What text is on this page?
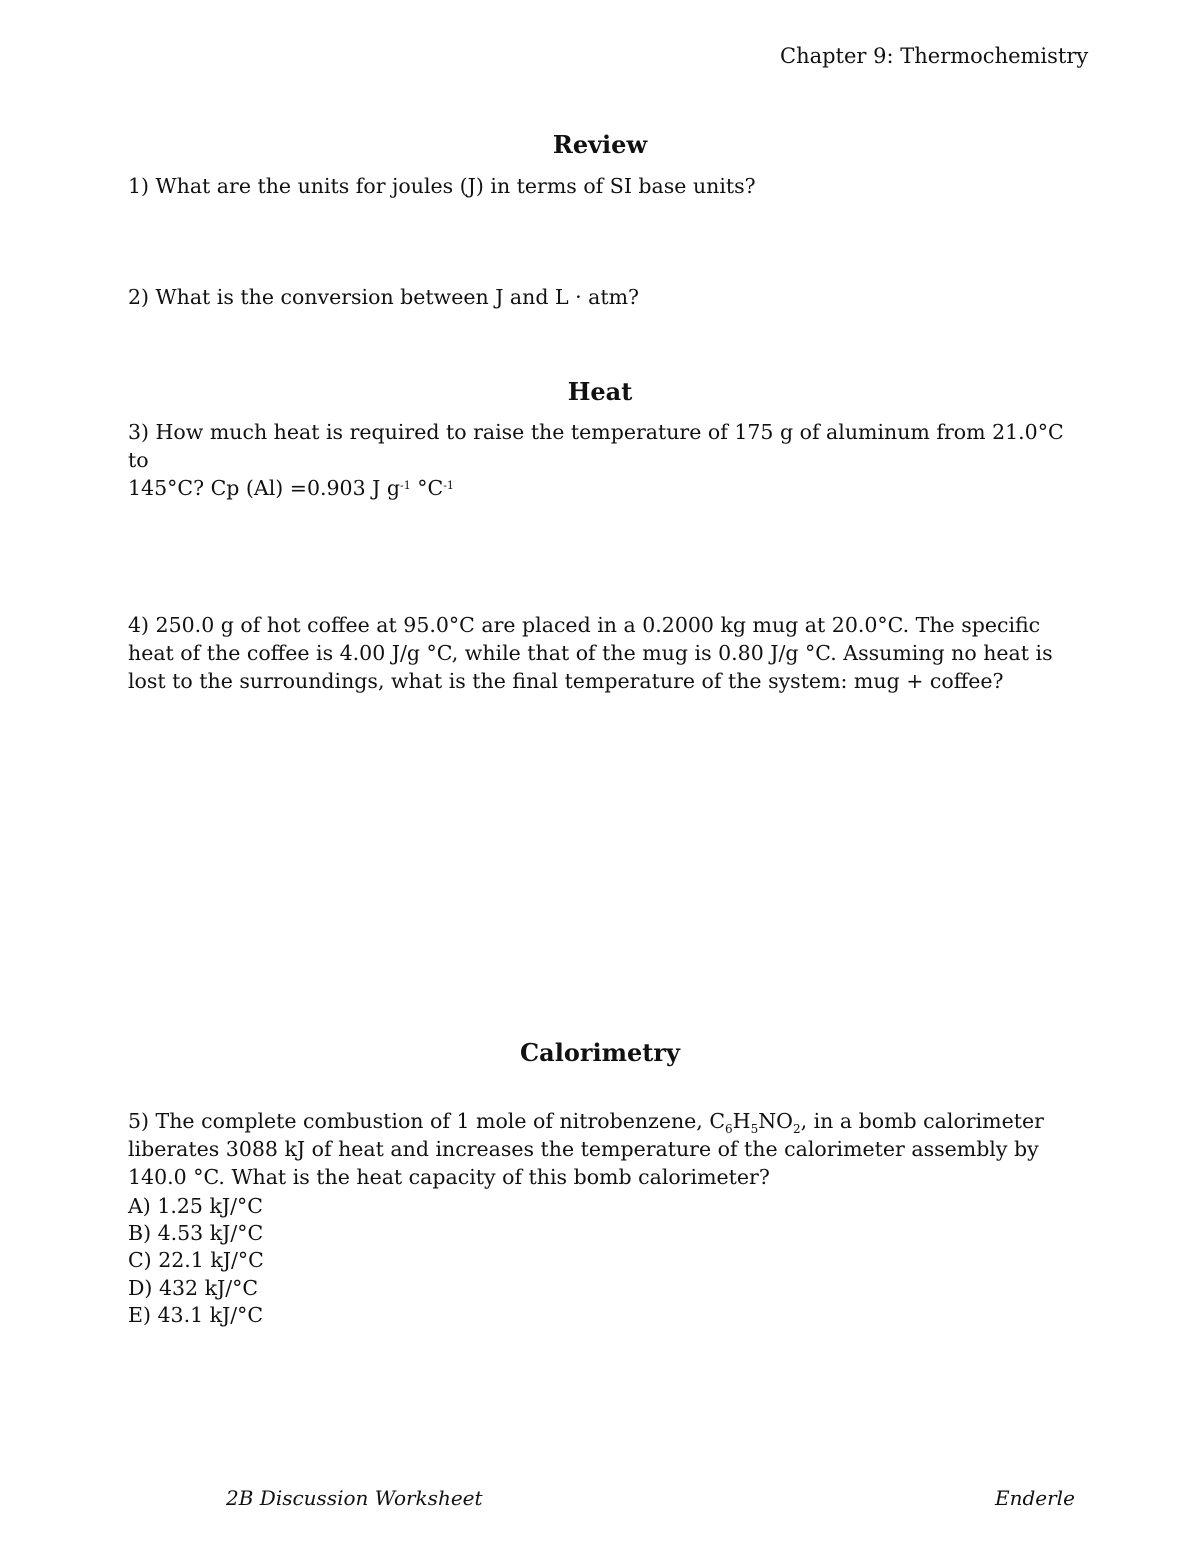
Chapter 9: Thermochemistry
Review
1) What are the units for joules (J) in terms of SI base units?
2) What is the conversion between J and L · atm?
Heat
3) How much heat is required to raise the temperature of 175 g of aluminum from 21.0°C to
145°C? Cp (Al) =0.903 J $g^{-1}$ $^\circ C^{-1}$
4) 250.0 g of hot coffee at 95.0°C are placed in a 0.2000 kg mug at 20.0°C. The specific heat of the coffee is 4.00 J/g °C, while that of the mug is 0.80 J/g °C. Assuming no heat is lost to the surroundings, what is the final temperature of the system: mug + coffee?
Calorimetry
5) The complete combustion of 1 mole of nitrobenzene, $C_6H_5NO_2$, in a bomb calorimeter liberates 3088 kJ of heat and increases the temperature of the calorimeter assembly by 140.0 °C. What is the heat capacity of this bomb calorimeter?
A) 1.25 kJ/°C
B) 4.53 kJ/°C
C) 22.1 kJ/°C
D) 432 kJ/°C
E) 43.1 kJ/°C
2B Discussion Worksheet	Enderle
